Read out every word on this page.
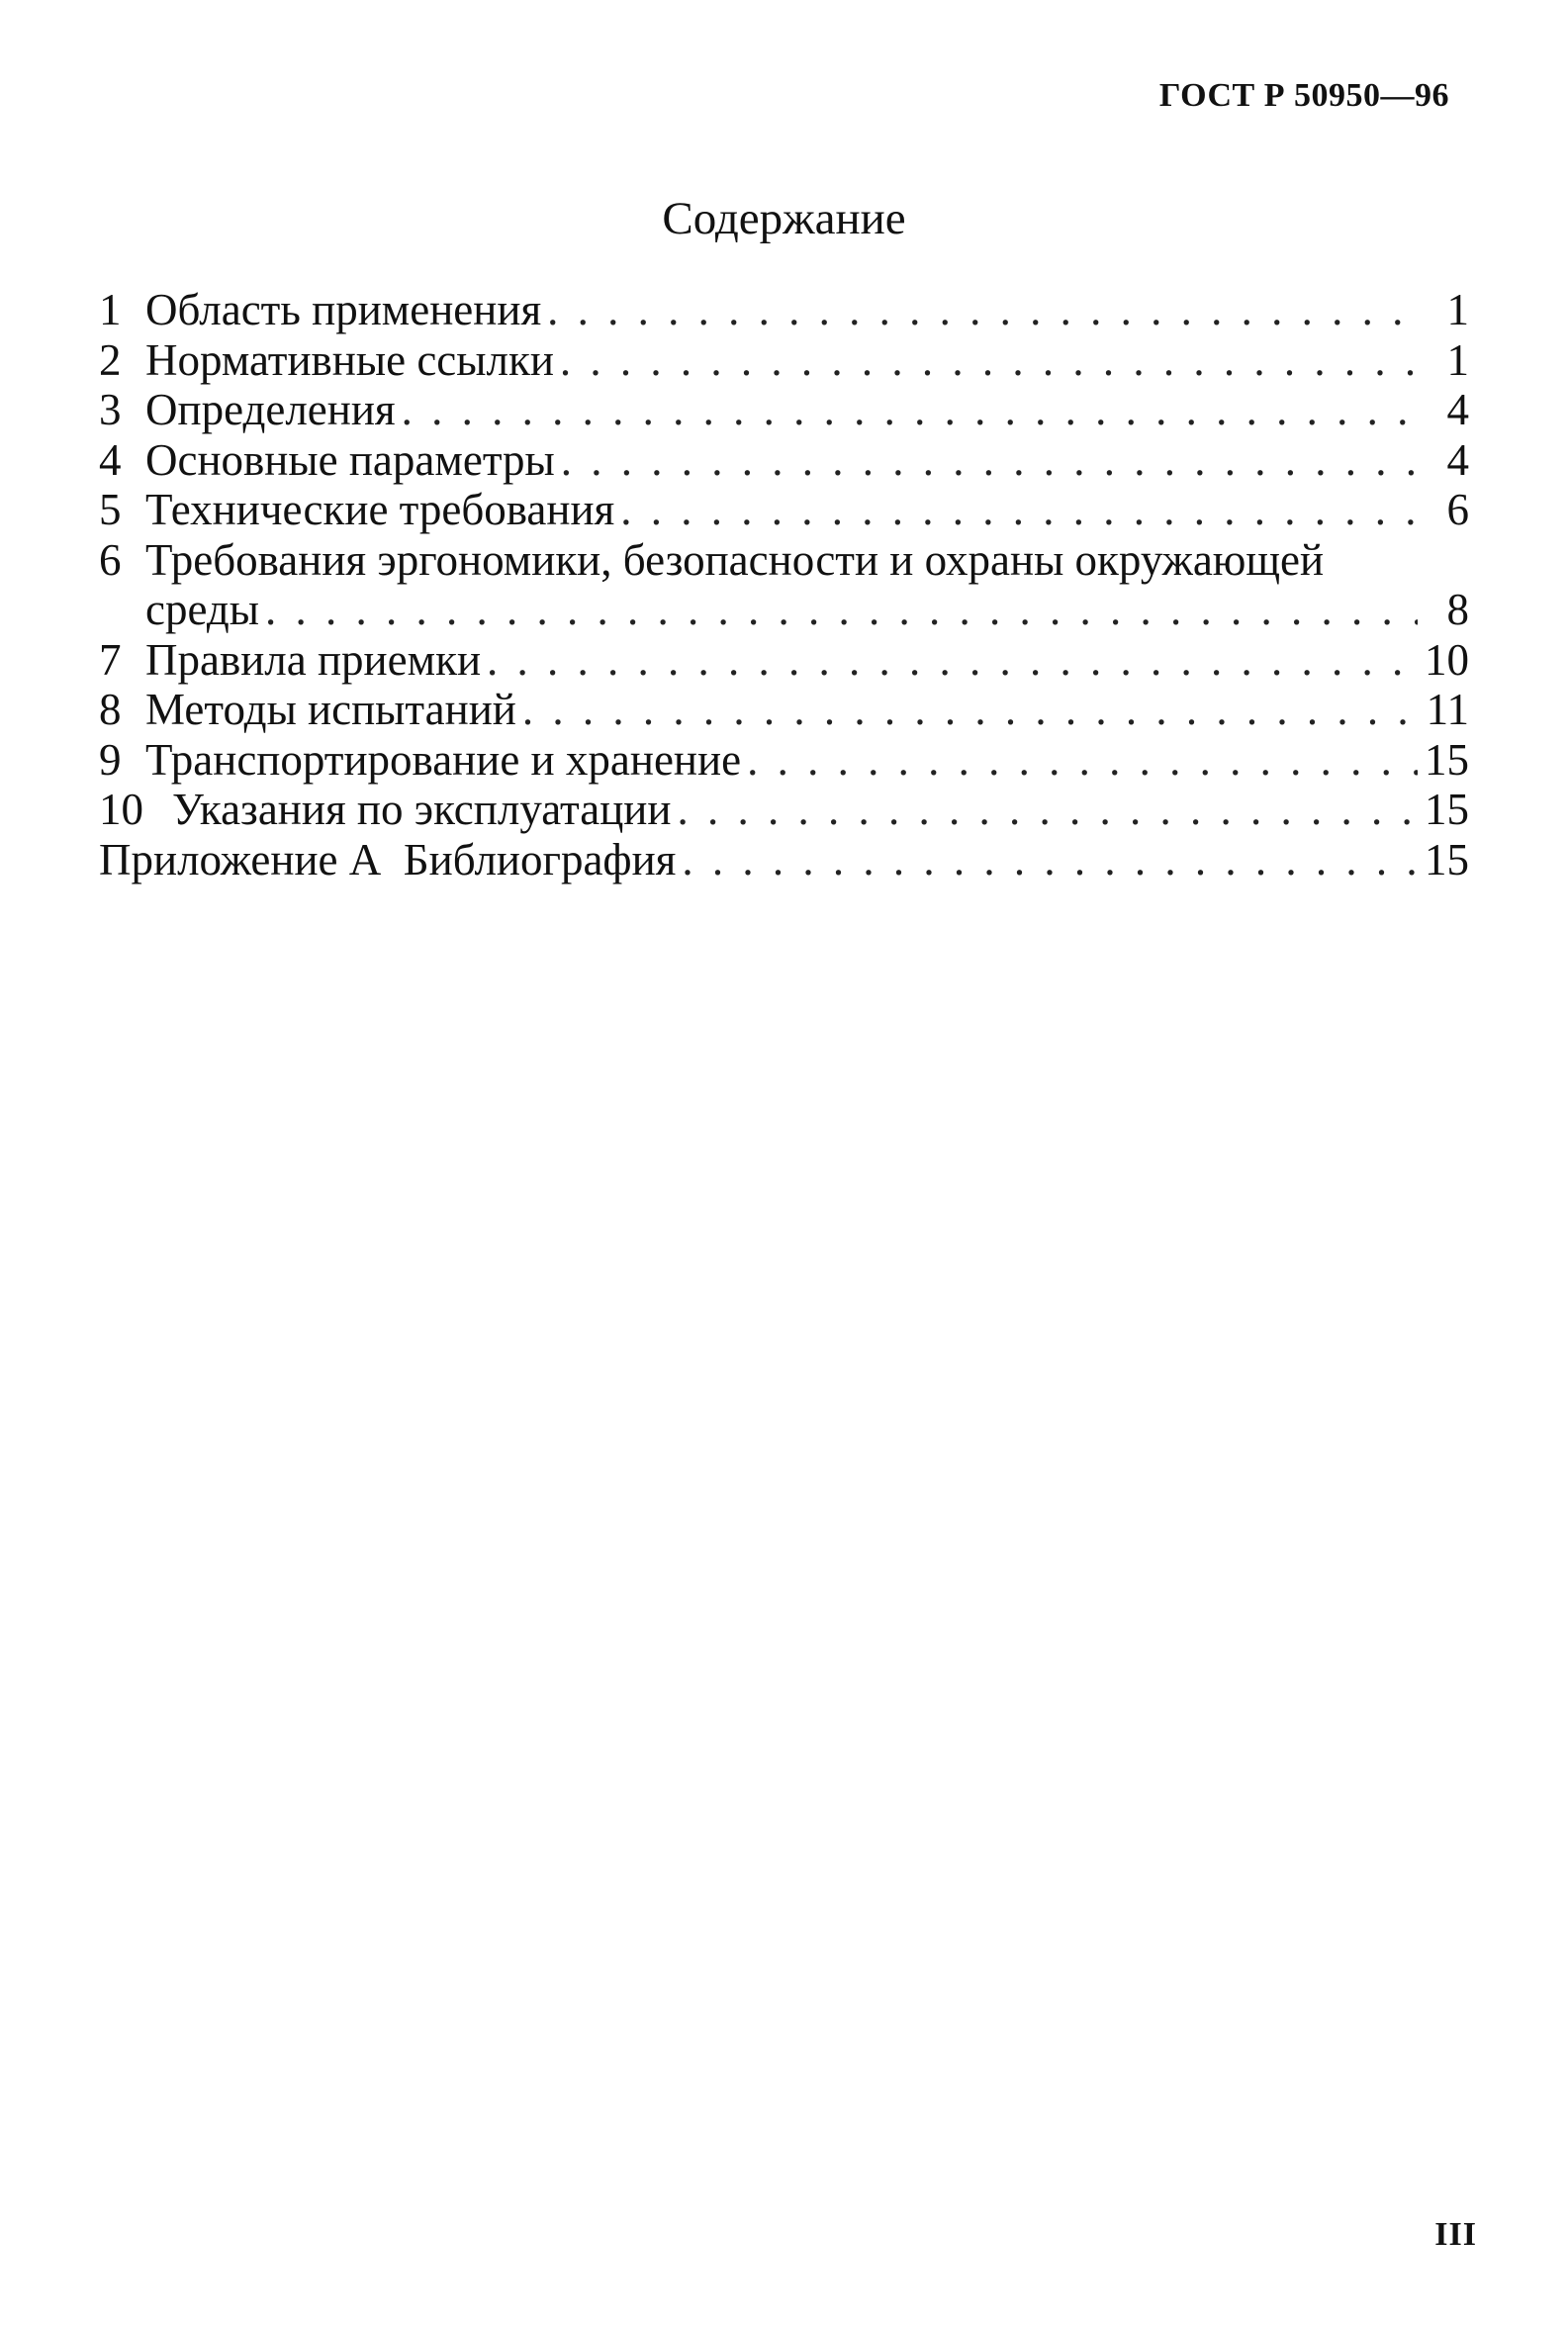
ГОСТ Р 50950—96
Содержание
1 Область применения . . .	1
2 Нормативные ссылки . . .	1
3 Определения . . .	4
4 Основные параметры . . .	4
5 Технические требования . . .	6
6 Требования эргономики, безопасности и охраны окружающей
среды . . .	8
7 Правила приемки . . .	10
8 Методы испытаний . . .	11
9 Транспортирование и хранение . . .	15
10 Указания по эксплуатации . . .	15
Приложение А  Библиография . . .	15
III
